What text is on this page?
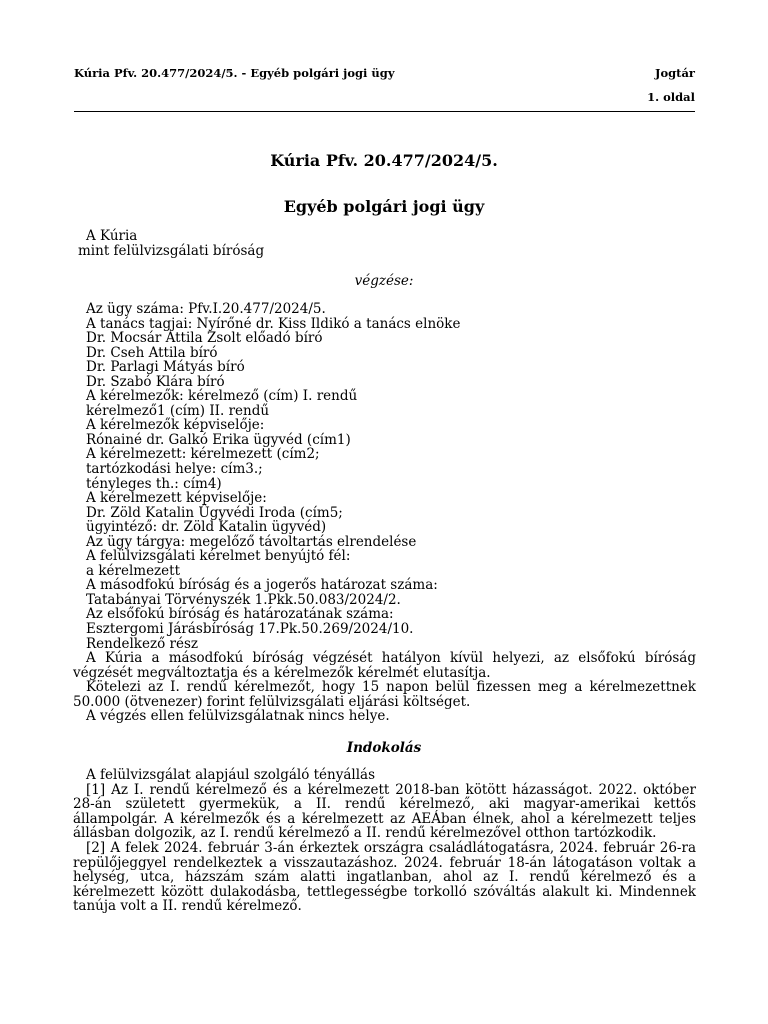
Kúria Pfv. 20.477/2024/5. - Egyéb polgári jogi ügy	Jogtár
1. oldal
Kúria Pfv. 20.477/2024/5.
Egyéb polgári jogi ügy
A Kúria
mint felülvizsgálati bíróság
végzése:

Az ügy száma: Pfv.I.20.477/2024/5.

A tanács tagjai: Nyírőné dr. Kiss Ildikó a tanács elnöke

Dr. Mocsár Attila Zsolt előadó bíró

Dr. Cseh Attila bíró

Dr. Parlagi Mátyás bíró

Dr. Szabó Klára bíró

A kérelmezők: kérelmező (cím) I. rendű

kérelmező1 (cím) II. rendű

A kérelmezők képviselője:

Rónainé dr. Galkó Erika ügyvéd (cím1)

A kérelmezett: kérelmezett (cím2;

tartózkodási helye: cím3.;

tényleges th.: cím4)

A kérelmezett képviselője:

Dr. Zöld Katalin Ügyvédi Iroda (cím5;

ügyintéző: dr. Zöld Katalin ügyvéd)

Az ügy tárgya: megelőző távoltartás elrendelése

A felülvizsgálati kérelmet benyújtó fél:

a kérelmezett

A másodfokú bíróság és a jogerős határozat száma:

Tatabányai Törvényszék 1.Pkk.50.083/2024/2.

Az elsőfokú bíróság és határozatának száma:

Esztergomi Járásbíróság 17.Pk.50.269/2024/10.

Rendelkező rész

A Kúria a másodfokú bíróság végzését hatályon kívül helyezi, az elsőfokú bíróság végzését megváltoztatja és a kérelmezők kérelmét elutasítja.

Kötelezi az I. rendű kérelmezőt, hogy 15 napon belül fizessen meg a kérelmezettnek 50.000 (ötvenezer) forint felülvizsgálati eljárási költséget.

A végzés ellen felülvizsgálatnak nincs helye.

Indokolás

A felülvizsgálat alapjául szolgáló tényállás

[1] Az I. rendű kérelmező és a kérelmezett 2018-ban kötött házasságot. 2022. október 28-án született gyermekük, a II. rendű kérelmező, aki magyar-amerikai kettős állampolgár. A kérelmezők és a kérelmezett az AEÁban élnek, ahol a kérelmezett teljes állásban dolgozik, az I. rendű kérelmező a II. rendű kérelmezővel otthon tartózkodik.

[2] A felek 2024. február 3-án érkeztek országra családlátogatásra, 2024. február 26-ra repülőjeggyel rendelkeztek a visszautazáshoz. 2024. február 18-án látogatáson voltak a helység, utca, házszám szám alatti ingatlanban, ahol az I. rendű kérelmező és a kérelmezett között dulakodásba, tettlegességbe torkolló szóváltás alakult ki. Mindennek tanúja volt a II. rendű kérelmező.
